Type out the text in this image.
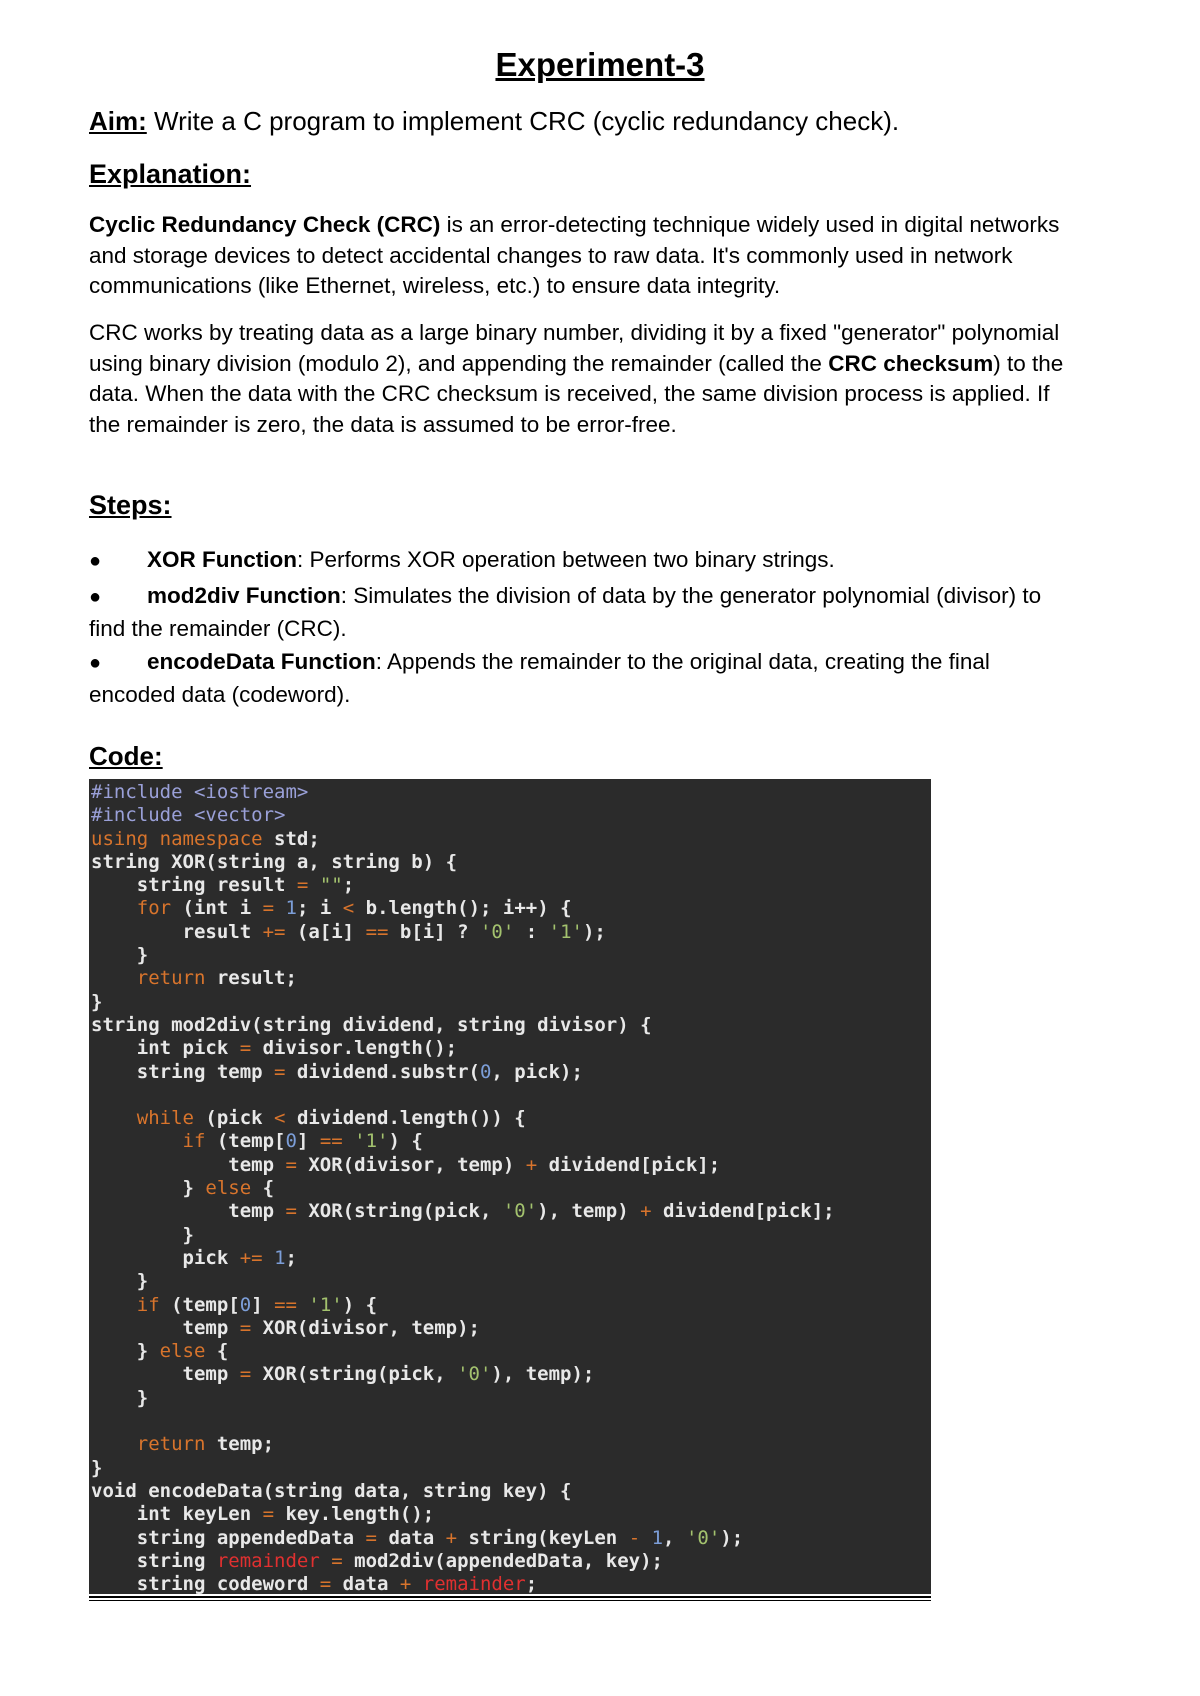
Experiment-3
Aim: Write a C program to implement CRC (cyclic redundancy check).
Explanation:
Cyclic Redundancy Check (CRC) is an error-detecting technique widely used in digital networks and storage devices to detect accidental changes to raw data. It's commonly used in network communications (like Ethernet, wireless, etc.) to ensure data integrity.
CRC works by treating data as a large binary number, dividing it by a fixed "generator" polynomial using binary division (modulo 2), and appending the remainder (called the CRC checksum) to the data. When the data with the CRC checksum is received, the same division process is applied. If the remainder is zero, the data is assumed to be error-free.
Steps:
● XOR Function: Performs XOR operation between two binary strings.
● mod2div Function: Simulates the division of data by the generator polynomial (divisor) to find the remainder (CRC).
● encodeData Function: Appends the remainder to the original data, creating the final encoded data (codeword).
Code:
#include <iostream>
#include <vector>
using namespace std;
string XOR(string a, string b) {
string result = "";
for (int i = 1; i < b.length(); i++) {
result += (a[i] == b[i] ? '0' : '1');
}
return result;
}
string mod2div(string dividend, string divisor) {
int pick = divisor.length();
string temp = dividend.substr(0, pick);
while (pick < dividend.length()) {
if (temp[0] == '1') {
temp = XOR(divisor, temp) + dividend[pick];
} else {
temp = XOR(string(pick, '0'), temp) + dividend[pick];
}
pick += 1;
}
if (temp[0] == '1') {
temp = XOR(divisor, temp);
} else {
temp = XOR(string(pick, '0'), temp);
}
return temp;
}
void encodeData(string data, string key) {
int keyLen = key.length();
string appendedData = data + string(keyLen - 1, '0');
string remainder = mod2div(appendedData, key);
string codeword = data + remainder;
